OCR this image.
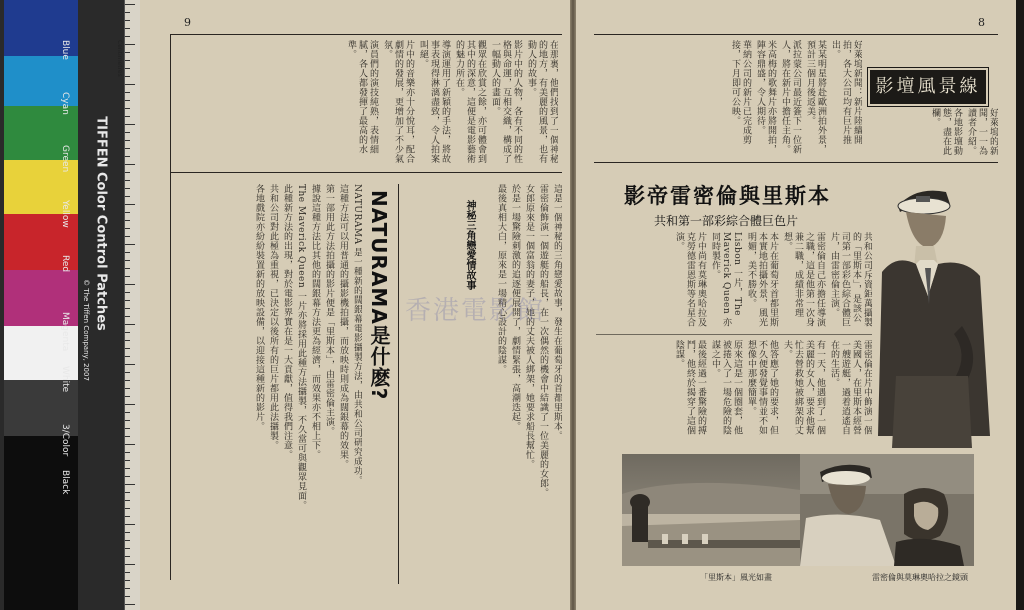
TIFFEN Color Control Patches
© The Tiffen Company, 2007
Blue
Cyan
Green
Yellow
Red
Magenta
White
3/Color
Black
Centimetres
9

在那裏，他們找到了一個神秘的地方，有美麗的風景，也有動人的故事。

影片中的人物，各有不同的性格與命運，互相交織，構成了一幅動人的畫面。

觀眾在欣賞之餘，亦可體會到其中的深意，這便是電影藝術的魅力所在。

導演運用了新穎的手法，將故事表現得淋漓盡致，令人拍案叫絕。

片中的音樂亦十分悅耳，配合劇情的發展，更增加了不少氣氛。

演員們的演技純熟，表情細膩，各人都發揮了最高的水準。

NATURAMA是什麽?

NATURAMA 是一種新的闊銀幕電影攝製方法，由共和公司研究成功。

這種方法可以用普通的攝影機拍攝，而放映時則成為闊銀幕的效果。

第一部用此方法拍攝的影片便是「里斯本」，由雷密倫主演。

據說這種方法比其他的闊銀幕方法更為經濟，而效果亦不相上下。

The Maverick Queen 一片亦將採用此種方法攝製，不久當可與觀眾見面。

此種新方法的出現，對於電影界實在是一大貢獻，值得我們注意。

共和公司對此極為重視，已決定以後所有的巨片都用此法攝製。

各地戲院亦紛紛裝置新的放映設備，以迎接這種新的影片。	神秘三角戀愛情故事	這是一個神秘的三角戀愛故事，發生在葡萄牙的首都里斯本。

雷密倫飾演一個遊艇的船長，在一次偶然的機會中結識了一位美麗的女郎。

女郎原來是一個富翁的妻子，她的丈夫被人綁架，她要求船長幫忙。

於是一場驚險刺激的追逐便展開了，劇情緊張，高潮迭起。

最後真相大白，原來是一場精心設計的陰謀。

8

好萊塢新聞：新片陸續開拍，各大公司均有巨片推出。

某某明星將赴歐洲拍外景，預計三個月後返美。

派拉蒙公司最近簽下一位新人，將在新片中擔任主角。

米高梅的歌舞片亦將開拍，陣容鼎盛，令人期待。

華納公司的新片已完成剪接，下月即可公映。	影壇風景線

好萊塢的新聞，一一為讀者介紹。

各地影壇動態，盡在此欄。

影帝雷密倫與里斯本
共和第一部彩綜合體巨色片

共和公司斥資鉅萬攝製的「里斯本」，是該公司第一部彩色綜合體巨片，由雷密倫主演。

雷密倫自己亦擔任導演之職，這是他第一次身兼二職，成績非常理想。

本片在葡萄牙首都里斯本實地拍攝外景，風光明媚，美不勝收。

Lisbon 一片，The Maverick Queen 亦同時製作。

片中尚有莫琳奧哈拉及克勞德雷恩斯等名星合演。

雷密倫在片中飾演一個美國人，在里斯本經營一艘遊艇，過着逍遙自在的生活。

有一天，他遇到了一個美麗的女人，要求他幫忙去營救她被綁架的丈夫。

他答應了她的要求，但不久便發覺事情並不如想像中那麼簡單。

原來這是一個圈套，他被捲入了一場危險的陰謀之中。

最後經過一番驚險的搏鬥，他終於揭穿了這個陰謀。

「里斯本」風光如畫	雷密倫與莫琳奧哈拉之鏡頭
香港電影館
